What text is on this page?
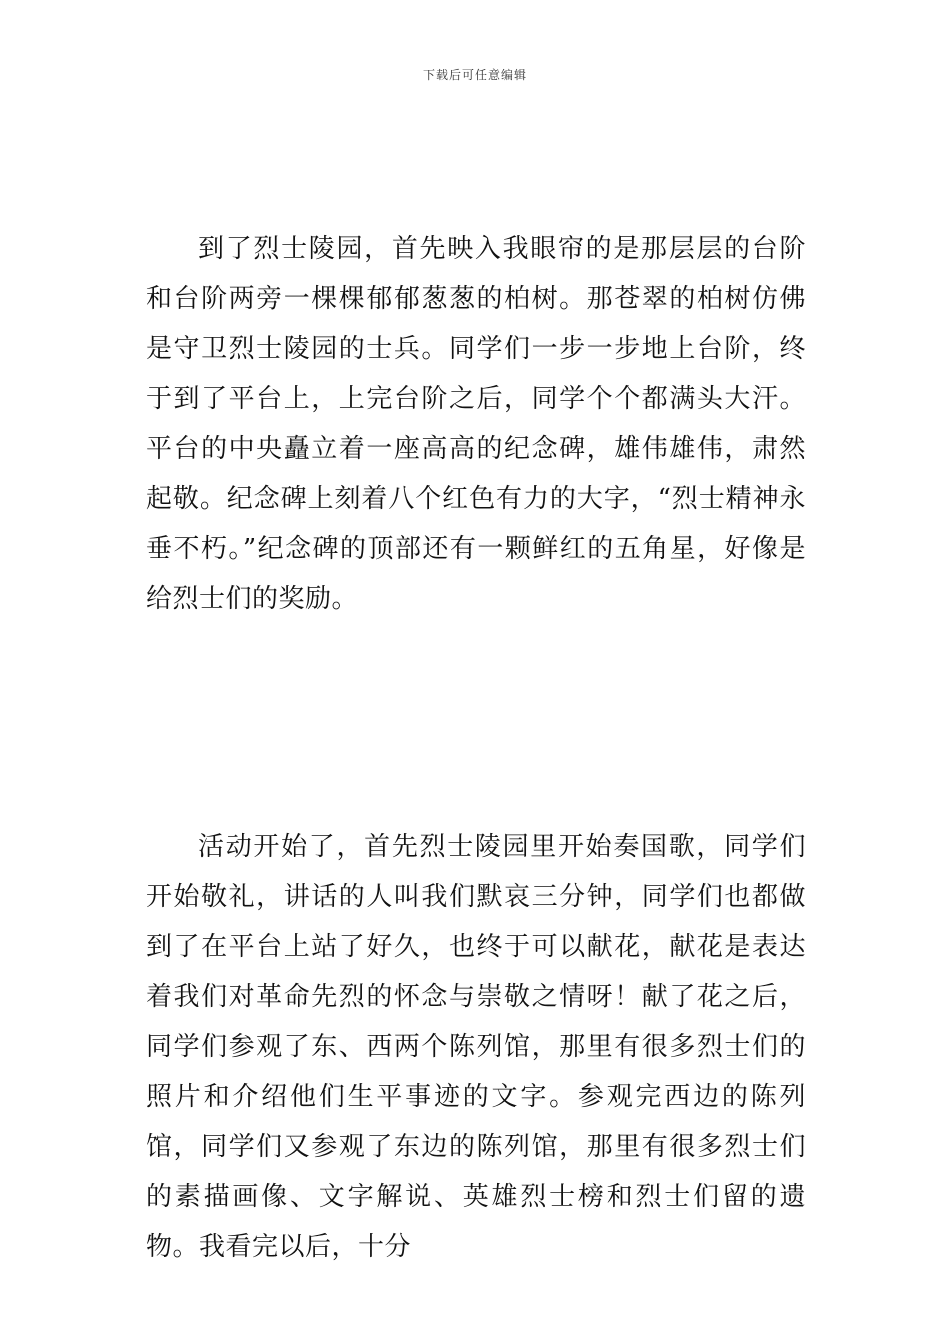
下载后可任意编辑

到了烈士陵园，首先映入我眼帘的是那层层的台阶和台阶两旁一棵棵郁郁葱葱的柏树。那苍翠的柏树仿佛是守卫烈士陵园的士兵。同学们一步一步地上台阶，终于到了平台上，上完台阶之后，同学个个都满头大汗。平台的中央矗立着一座高高的纪念碑，雄伟雄伟，肃然起敬。纪念碑上刻着八个红色有力的大字，“烈士精神永垂不朽。”纪念碑的顶部还有一颗鲜红的五角星，好像是给烈士们的奖励。

活动开始了，首先烈士陵园里开始奏国歌，同学们开始敬礼，讲话的人叫我们默哀三分钟，同学们也都做到了在平台上站了好久，也终于可以献花，献花是表达着我们对革命先烈的怀念与崇敬之情呀！献了花之后，同学们参观了东、西两个陈列馆，那里有很多烈士们的照片和介绍他们生平事迹的文字。参观完西边的陈列馆，同学们又参观了东边的陈列馆，那里有很多烈士们的素描画像、文字解说、英雄烈士榜和烈士们留的遗物。我看完以后，十分
